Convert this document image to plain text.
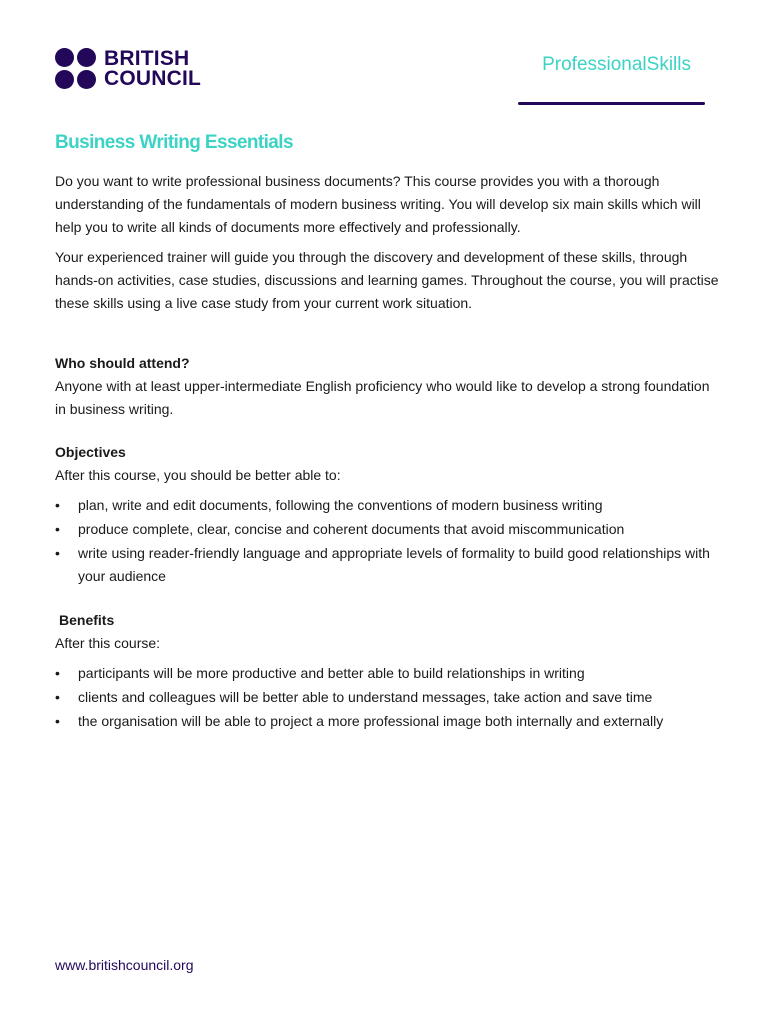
BRITISH
COUNCIL
ProfessionalSkills
Business Writing Essentials

Do you want to write professional business documents? This course provides you with a thorough understanding of the fundamentals of modern business writing. You will develop six main skills which will help you to write all kinds of documents more effectively and professionally.

Your experienced trainer will guide you through the discovery and development of these skills, through hands-on activities, case studies, discussions and learning games. Throughout the course, you will practise these skills using a live case study from your current work situation.

Who should attend?
Anyone with at least upper-intermediate English proficiency who would like to develop a strong foundation in business writing.
Objectives
After this course, you should be better able to:
• plan, write and edit documents, following the conventions of modern business writing
• produce complete, clear, concise and coherent documents that avoid miscommunication
• write using reader-friendly language and appropriate levels of formality to build good relationships with your audience
Benefits
After this course:
• participants will be more productive and better able to build relationships in writing
• clients and colleagues will be better able to understand messages, take action and save time
• the organisation will be able to project a more professional image both internally and externally
www.britishcouncil.org
